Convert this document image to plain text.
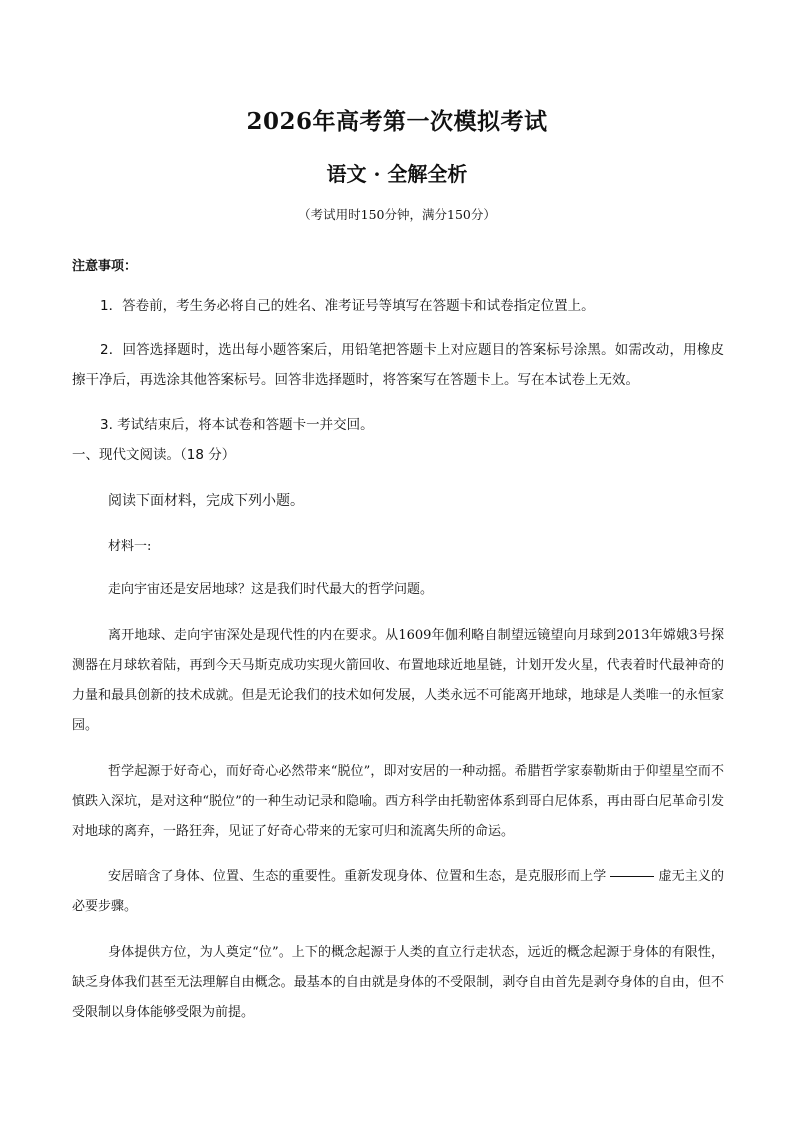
2026年高考第一次模拟考试
语文 · 全解全析
（考试用时150分钟，满分150分）
注意事项：
1．答卷前，考生务必将自己的姓名、准考证号等填写在答题卡和试卷指定位置上。
2．回答选择题时，选出每小题答案后，用铅笔把答题卡上对应题目的答案标号涂黑。如需改动，用橡皮擦干净后，再选涂其他答案标号。回答非选择题时，将答案写在答题卡上。写在本试卷上无效。
3. 考试结束后，将本试卷和答题卡一并交回。
一、现代文阅读。（18 分）
阅读下面材料，完成下列小题。
材料一:
走向宇宙还是安居地球？这是我们时代最大的哲学问题。
离开地球、走向宇宙深处是现代性的内在要求。从1609年伽利略自制望远镜望向月球到2013年嫦娥3号探测器在月球软着陆，再到今天马斯克成功实现火箭回收、布置地球近地星链，计划开发火星，代表着时代最神奇的力量和最具创新的技术成就。但是无论我们的技术如何发展，人类永远不可能离开地球，地球是人类唯一的永恒家园。
哲学起源于好奇心，而好奇心必然带来“脱位”，即对安居的一种动摇。希腊哲学家泰勒斯由于仰望星空而不慎跌入深坑，是对这种“脱位”的一种生动记录和隐喻。西方科学由托勒密体系到哥白尼体系，再由哥白尼革命引发对地球的离弃，一路狂奔，见证了好奇心带来的无家可归和流离失所的命运。
安居暗含了身体、位置、生态的重要性。重新发现身体、位置和生态，是克服形而上学	虚无主义的必要步骤。
身体提供方位，为人奠定“位”。上下的概念起源于人类的直立行走状态，远近的概念起源于身体的有限性，缺乏身体我们甚至无法理解自由概念。最基本的自由就是身体的不受限制，剥夺自由首先是剥夺身体的自由，但不受限制以身体能够受限为前提。
